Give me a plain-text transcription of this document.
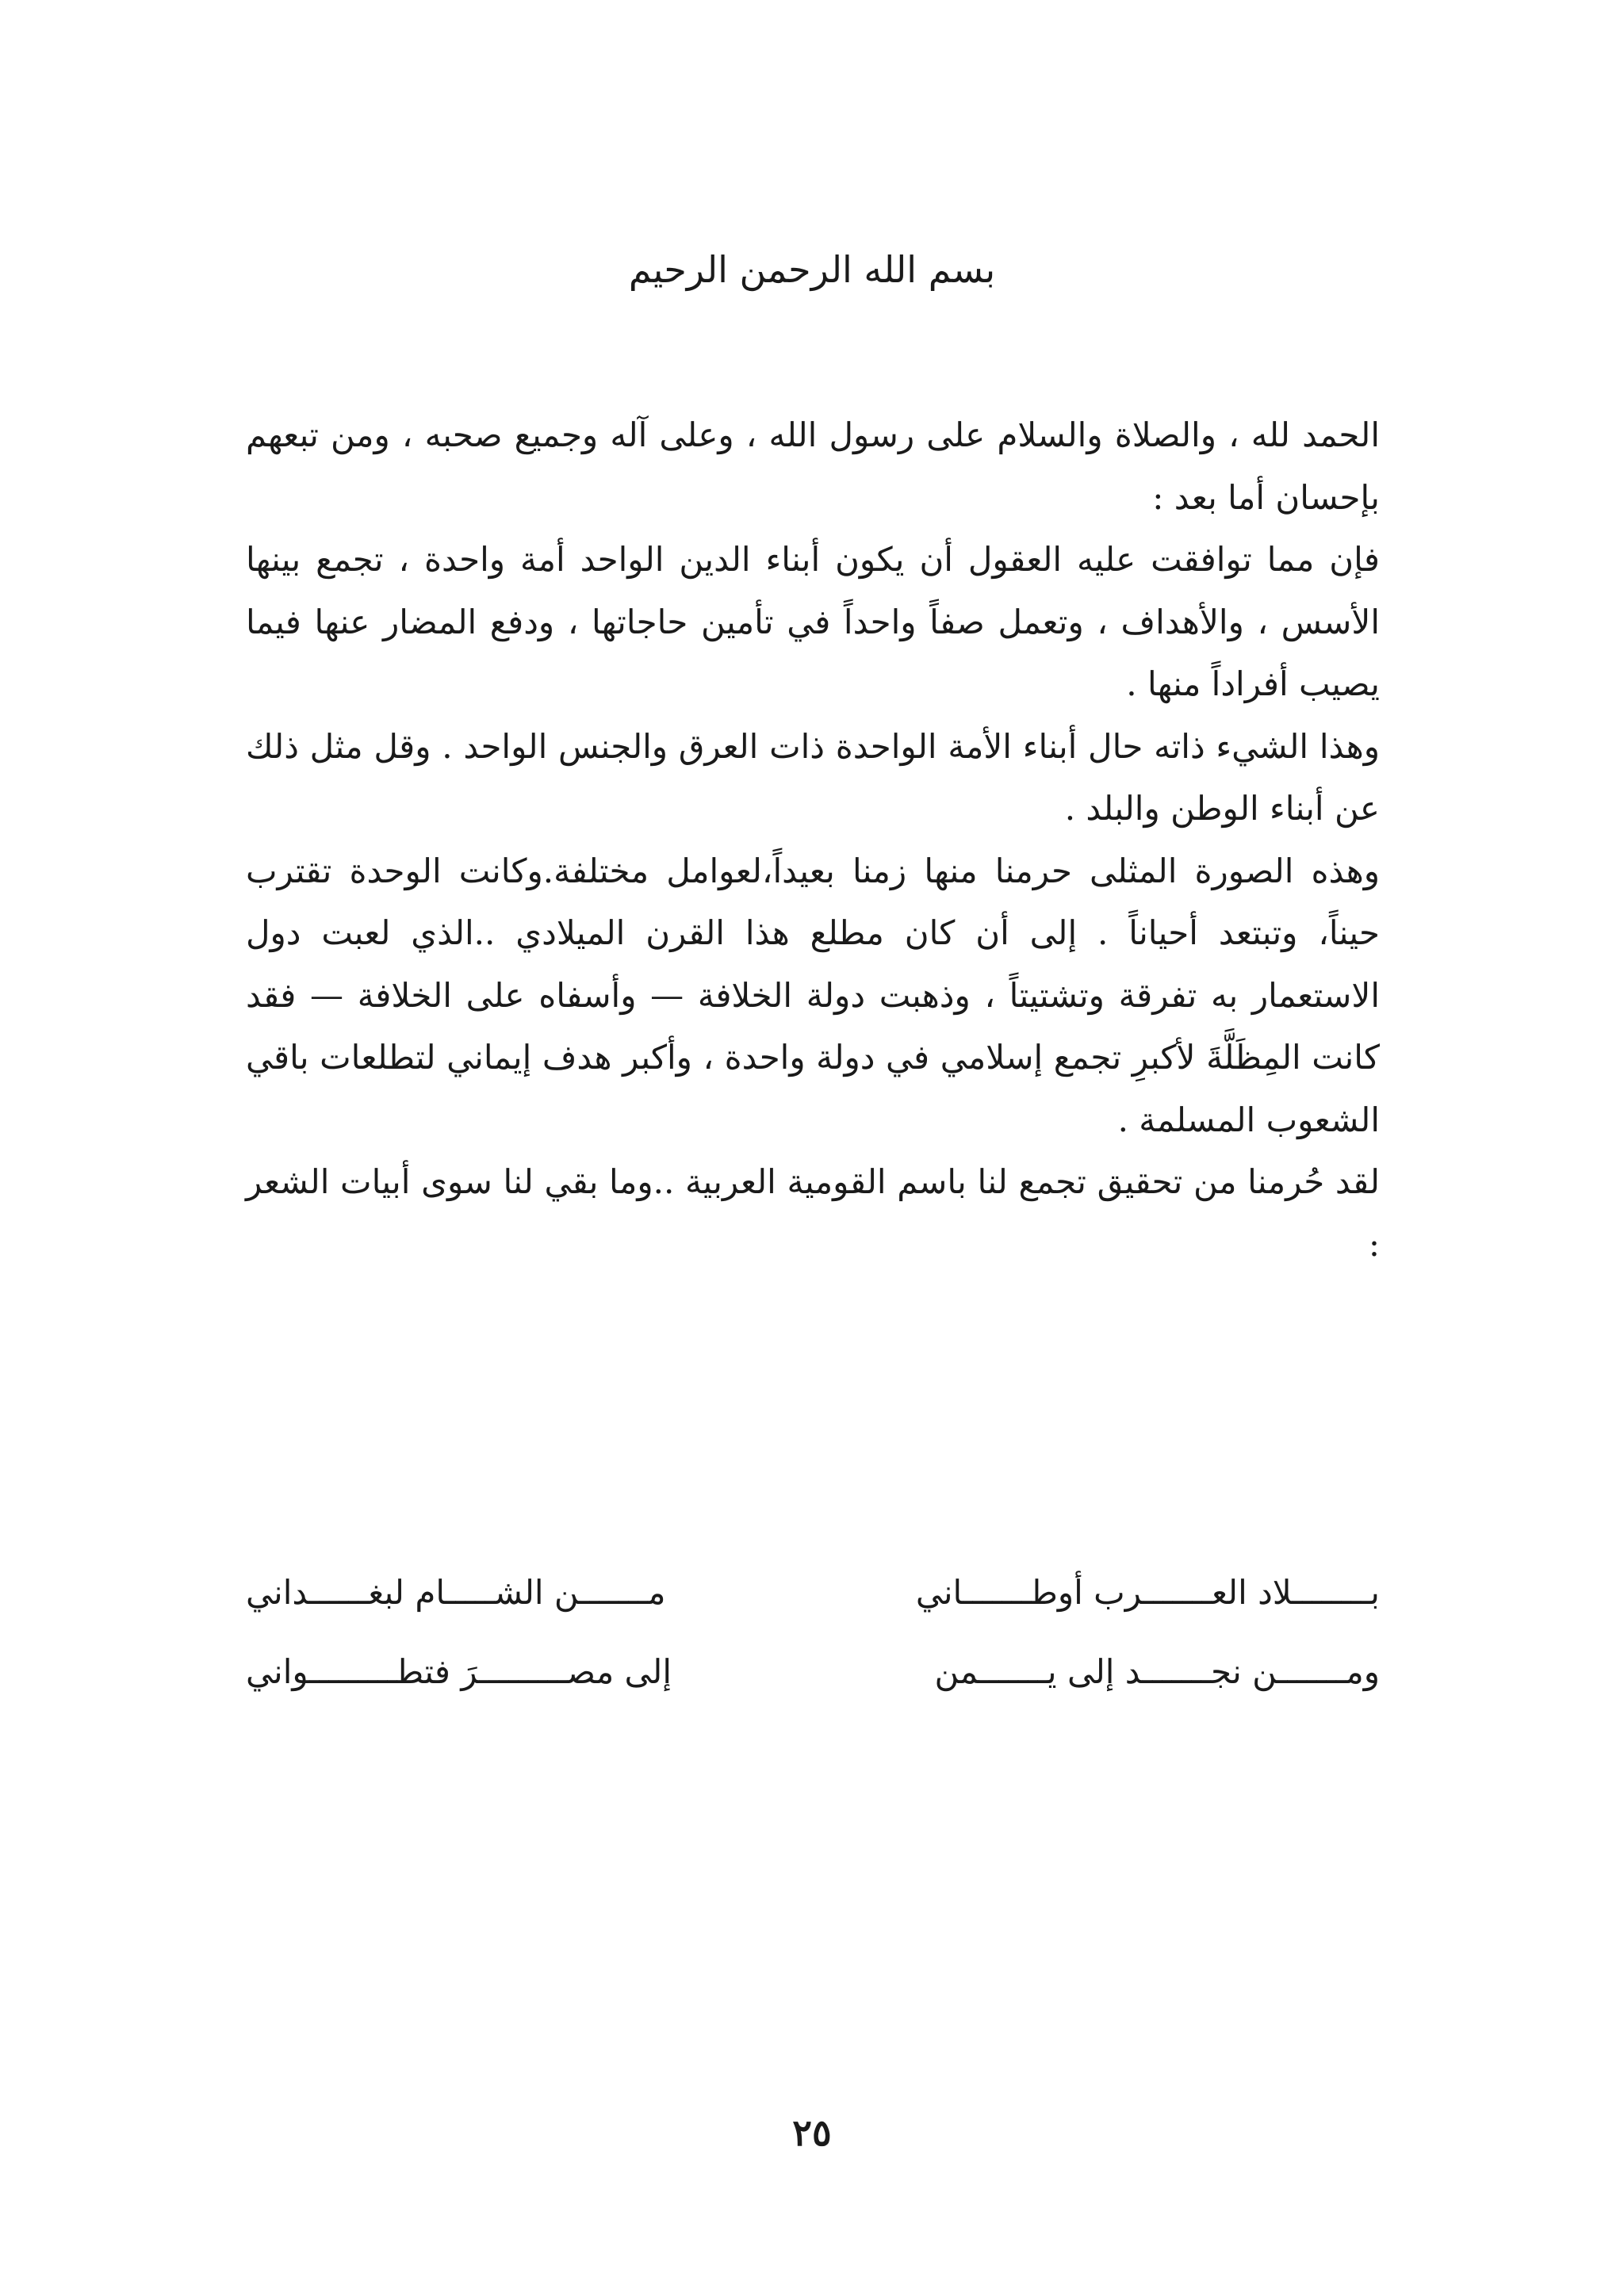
بسم الله الرحمن الرحيم

الحمد لله ، والصلاة والسلام على رسول الله ، وعلى آله وجميع صحبه ، ومن تبعهم بإحسان أما بعد :

فإن مما توافقت عليه العقول أن يكون أبناء الدين الواحد أمة واحدة ، تجمع بينها الأسس ، والأهداف ، وتعمل صفاً واحداً في تأمين حاجاتها ، ودفع المضار عنها فيما يصيب أفراداً منها .

وهذا الشيء ذاته حال أبناء الأمة الواحدة ذات العرق والجنس الواحد . وقل مثل ذلك عن أبناء الوطن والبلد .

وهذه الصورة المثلى حرمنا منها زمنا بعيداً،لعوامل مختلفة.وكانت الوحدة تقترب حيناً، وتبتعد أحياناً . إلى أن كان مطلع هذا القرن الميلادي ..الذي لعبت دول الاستعمار به تفرقة وتشتيتاً ، وذهبت دولة الخلافة — وأسفاه على الخلافة — فقد كانت المِظَلَّةَ لأكبرِ تجمع إسلامي في دولة واحدة ، وأكبر هدف إيماني لتطلعات باقي الشعوب المسلمة .

لقد حُرمنا من تحقيق تجمع لنا باسم القومية العربية ..وما بقي لنا سوى أبيات الشعر :

بــــــــلاد العـــــــرب أوطـــــــاني
مـــــــن الشـــــام لبغــــــداني
ومـــــــن نجـــــــد إلى يـــــــمن
إلى مصـــــــــرَ فتطـــــــــواني
٢٥
